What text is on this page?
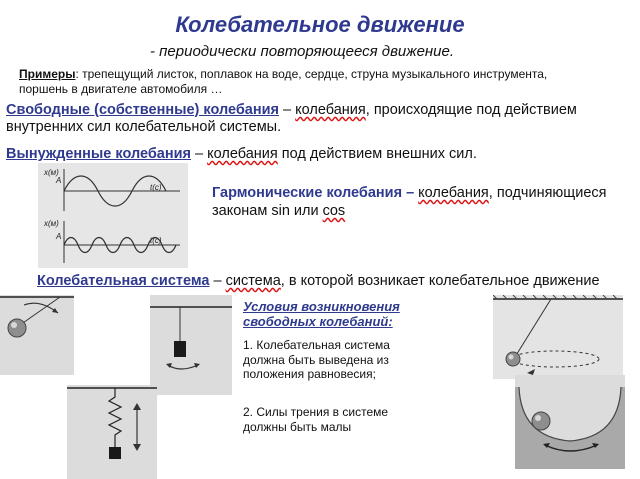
Колебательное движение
- периодически повторяющееся движение.
Примеры: трепещущий листок, поплавок на воде, сердце, струна музыкального инструмента, поршень в двигателе автомобиля …
Свободные (собственные) колебания – колебания, происходящие под действием внутренних сил колебательной системы.
Вынужденные колебания – колебания под действием внешних сил.
x(м)
A
t(c)
x(м)
A	t(c)
Гармонические колебания – колебания, подчиняющиеся законам sin или cos
Колебательная система – система, в которой возникает колебательное движение
Условия возникновения свободных колебаний:
1. Колебательная система должна быть выведена из положения равновесия;
2. Силы трения в системе должны быть малы
